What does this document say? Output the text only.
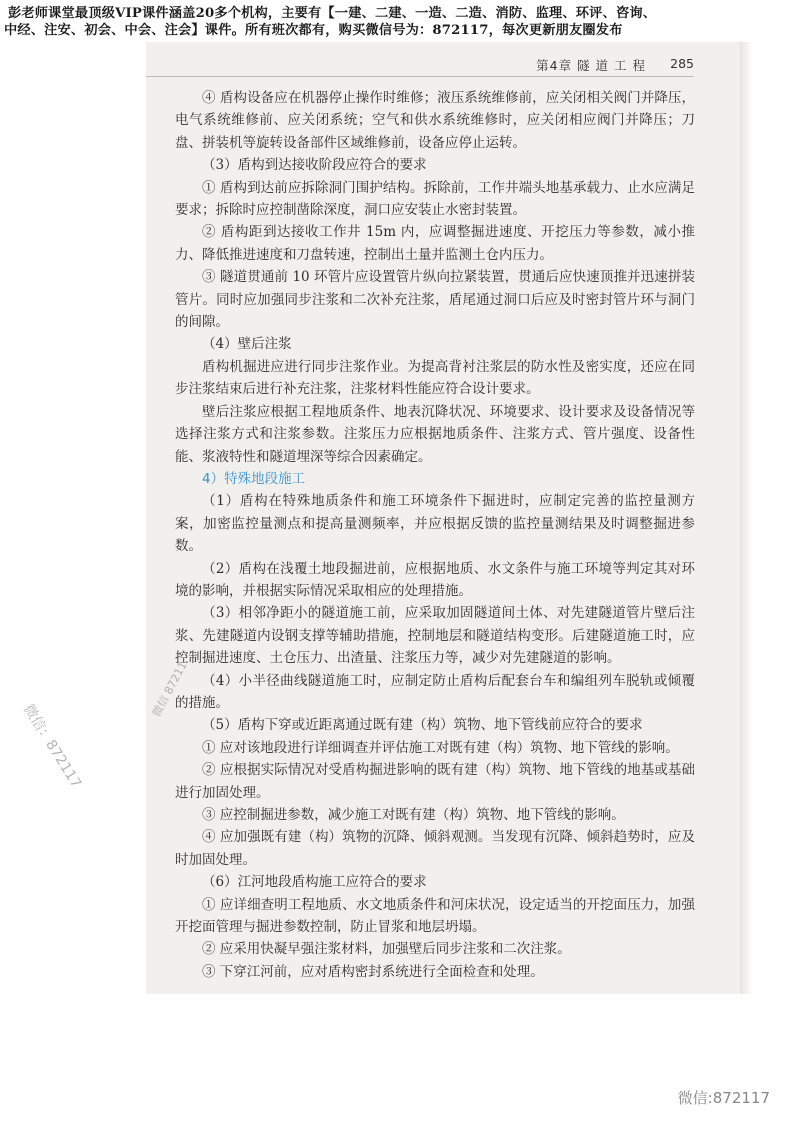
彭老师课堂最顶级VIP课件涵盖20多个机构，主要有【一建、二建、一造、二造、消防、监理、环评、咨询、
中经、注安、初会、中会、注会】课件。所有班次都有，购买微信号为：872117，每次更新朋友圈发布
第4章 隧 道 工 程 285

④ 盾构设备应在机器停止操作时维修；液压系统维修前，应关闭相关阀门并降压，电气系统维修前、应关闭系统；空气和供水系统维修时，应关闭相应阀门并降压；刀盘、拼装机等旋转设备部件区域维修前，设备应停止运转。

（3）盾构到达接收阶段应符合的要求

① 盾构到达前应拆除洞门围护结构。拆除前，工作井端头地基承载力、止水应满足要求；拆除时应控制凿除深度，洞口应安装止水密封装置。

② 盾构距到达接收工作井 15m 内，应调整掘进速度、开挖压力等参数，减小推力、降低推进速度和刀盘转速，控制出土量并监测土仓内压力。

③ 隧道贯通前 10 环管片应设置管片纵向拉紧装置，贯通后应快速顶推并迅速拼装管片。同时应加强同步注浆和二次补充注浆，盾尾通过洞口后应及时密封管片环与洞门的间隙。

（4）壁后注浆

盾构机掘进应进行同步注浆作业。为提高背衬注浆层的防水性及密实度，还应在同步注浆结束后进行补充注浆，注浆材料性能应符合设计要求。

壁后注浆应根据工程地质条件、地表沉降状况、环境要求、设计要求及设备情况等选择注浆方式和注浆参数。注浆压力应根据地质条件、注浆方式、管片强度、设备性能、浆液特性和隧道埋深等综合因素确定。

4）特殊地段施工

（1）盾构在特殊地质条件和施工环境条件下掘进时，应制定完善的监控量测方案，加密监控量测点和提高量测频率，并应根据反馈的监控量测结果及时调整掘进参数。

（2）盾构在浅覆土地段掘进前，应根据地质、水文条件与施工环境等判定其对环境的影响，并根据实际情况采取相应的处理措施。

（3）相邻净距小的隧道施工前，应采取加固隧道间土体、对先建隧道管片壁后注浆、先建隧道内设钢支撑等辅助措施，控制地层和隧道结构变形。后建隧道施工时，应控制掘进速度、土仓压力、出渣量、注浆压力等，减少对先建隧道的影响。

（4）小半径曲线隧道施工时，应制定防止盾构后配套台车和编组列车脱轨或倾覆的措施。

（5）盾构下穿或近距离通过既有建（构）筑物、地下管线前应符合的要求

① 应对该地段进行详细调查并评估施工对既有建（构）筑物、地下管线的影响。

② 应根据实际情况对受盾构掘进影响的既有建（构）筑物、地下管线的地基或基础进行加固处理。

③ 应控制掘进参数，减少施工对既有建（构）筑物、地下管线的影响。

④ 应加强既有建（构）筑物的沉降、倾斜观测。当发现有沉降、倾斜趋势时，应及时加固处理。

（6）江河地段盾构施工应符合的要求

① 应详细查明工程地质、水文地质条件和河床状况，设定适当的开挖面压力，加强开挖面管理与掘进参数控制，防止冒浆和地层坍塌。

② 应采用快凝早强注浆材料，加强壁后同步注浆和二次注浆。

③ 下穿江河前，应对盾构密封系统进行全面检查和处理。

微信：872117
微信 87211
微信:872117
